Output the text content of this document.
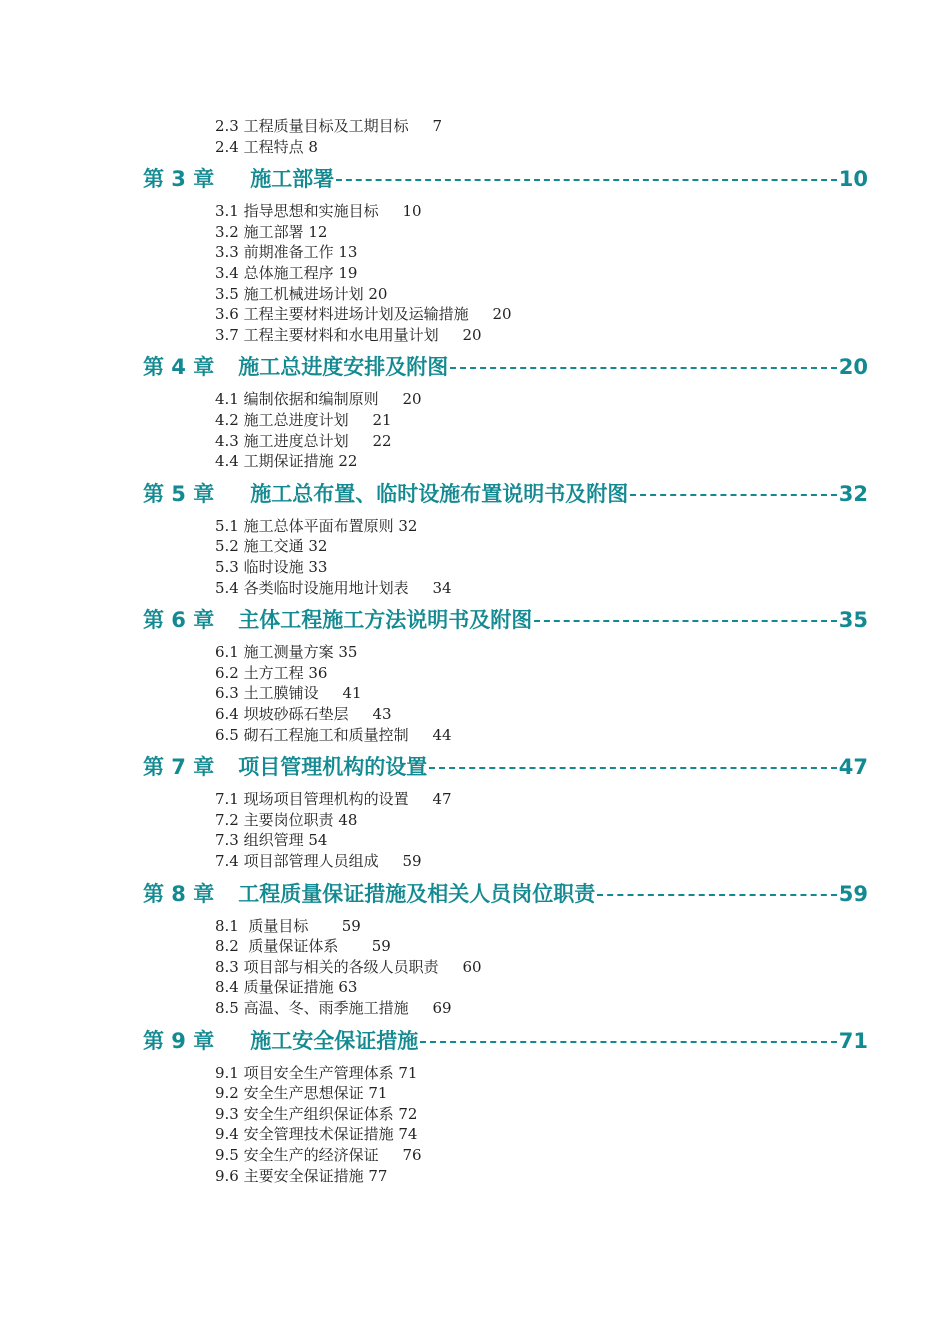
2.3 工程质量目标及工期目标     7
2.4 工程特点 8
第 3 章 施工部署	10
3.1 指导思想和实施目标     10
3.2 施工部署 12
3.3 前期准备工作 13
3.4 总体施工程序 19
3.5 施工机械进场计划 20
3.6 工程主要材料进场计划及运输措施     20
3.7 工程主要材料和水电用量计划     20
第 4 章 施工总进度安排及附图	20
4.1 编制依据和编制原则     20
4.2 施工总进度计划     21
4.3 施工进度总计划     22
4.4 工期保证措施 22
第 5 章 施工总布置、临时设施布置说明书及附图	32
5.1 施工总体平面布置原则 32
5.2 施工交通 32
5.3 临时设施 33
5.4 各类临时设施用地计划表     34
第 6 章 主体工程施工方法说明书及附图	35
6.1 施工测量方案 35
6.2 土方工程 36
6.3 土工膜铺设     41
6.4 坝坡砂砾石垫层     43
6.5 砌石工程施工和质量控制     44
第 7 章 项目管理机构的设置	47
7.1 现场项目管理机构的设置     47
7.2 主要岗位职责 48
7.3 组织管理 54
7.4 项目部管理人员组成     59
第 8 章 工程质量保证措施及相关人员岗位职责	59
8.1  质量目标       59
8.2  质量保证体系       59
8.3 项目部与相关的各级人员职责     60
8.4 质量保证措施 63
8.5 高温、冬、雨季施工措施     69
第 9 章 施工安全保证措施	71
9.1 项目安全生产管理体系 71
9.2 安全生产思想保证 71
9.3 安全生产组织保证体系 72
9.4 安全管理技术保证措施 74
9.5 安全生产的经济保证     76
9.6 主要安全保证措施 77
